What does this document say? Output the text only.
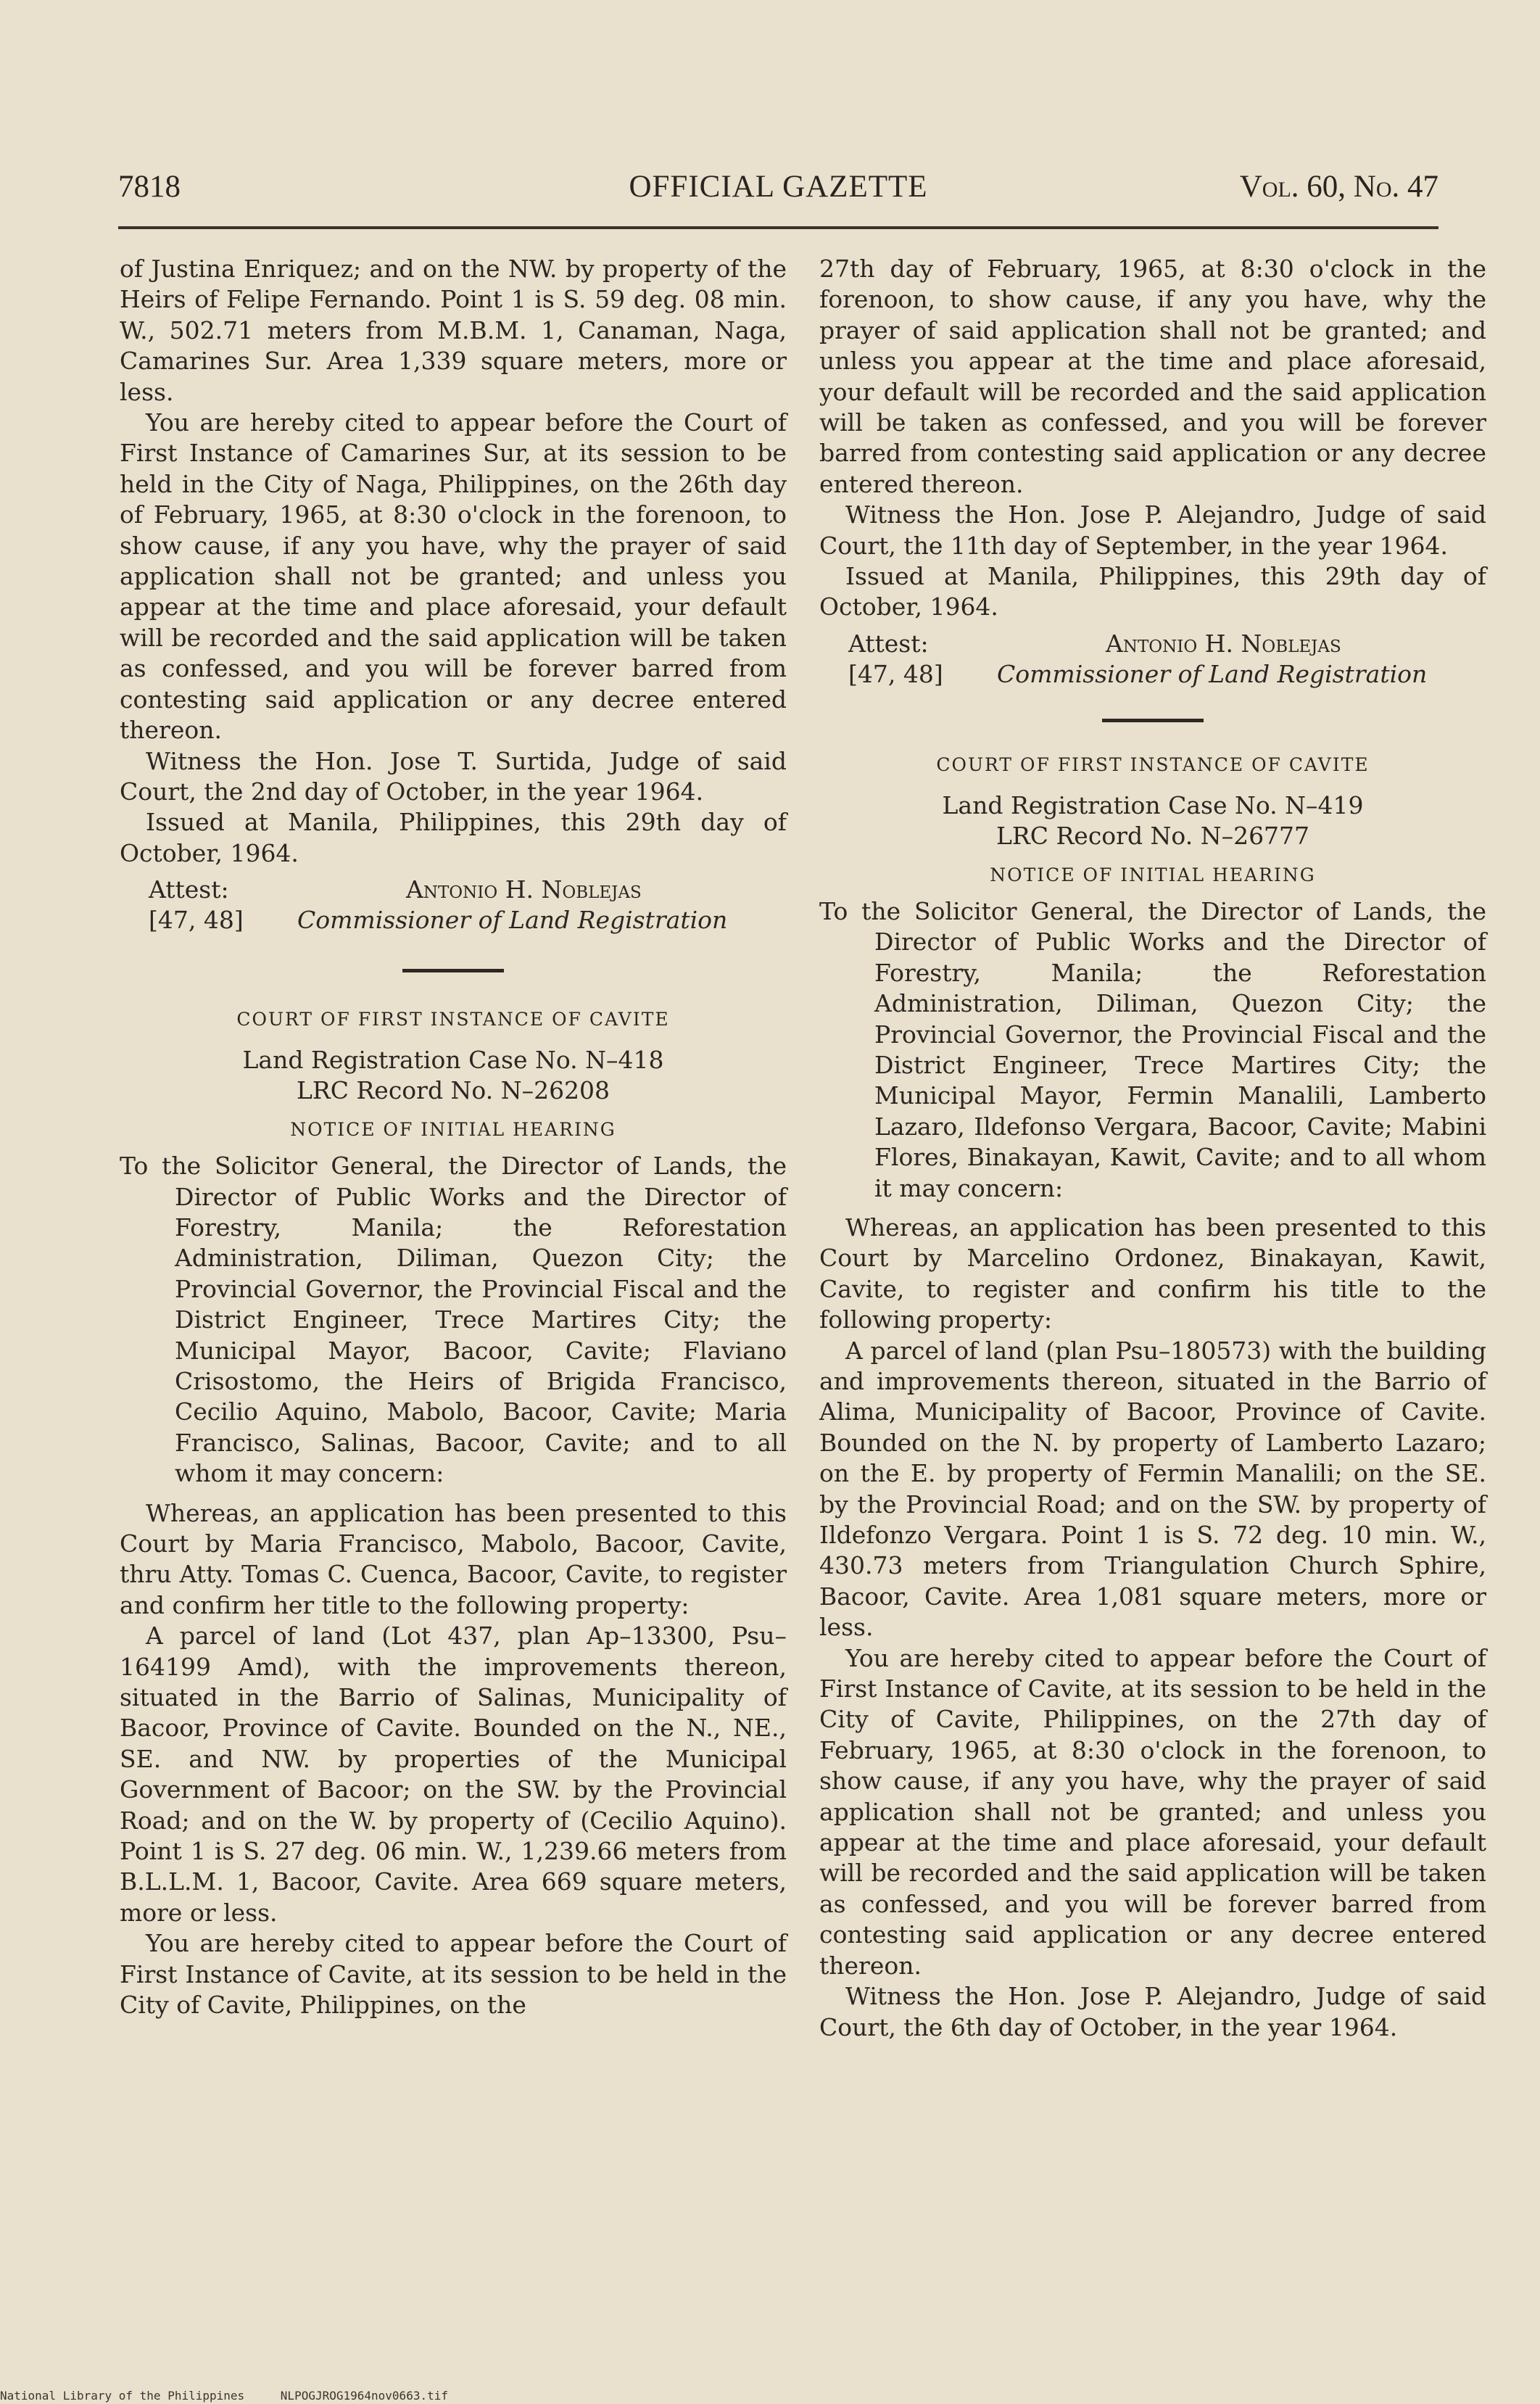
7818	OFFICIAL GAZETTE	Vol. 60, No. 47

of Justina Enriquez; and on the NW. by property of the Heirs of Felipe Fernando. Point 1 is S. 59 deg. 08 min. W., 502.71 meters from M.B.M. 1, Canaman, Naga, Camarines Sur. Area 1,339 square meters, more or less.

You are hereby cited to appear before the Court of First Instance of Camarines Sur, at its session to be held in the City of Naga, Philippines, on the 26th day of February, 1965, at 8:30 o'clock in the forenoon, to show cause, if any you have, why the prayer of said application shall not be granted; and unless you appear at the time and place aforesaid, your default will be recorded and the said application will be taken as confessed, and you will be forever barred from contesting said application or any decree entered thereon.

Witness the Hon. Jose T. Surtida, Judge of said Court, the 2nd day of October, in the year 1964.

Issued at Manila, Philippines, this 29th day of October, 1964.

Attest:	Antonio H. Noblejas
[47, 48] Commissioner of Land Registration
COURT OF FIRST INSTANCE OF CAVITE

Land Registration Case No. N–418

LRC Record No. N–26208

NOTICE OF INITIAL HEARING

To the Solicitor General, the Director of Lands, the Director of Public Works and the Director of Forestry, Manila; the Reforestation Administration, Diliman, Quezon City; the Provincial Governor, the Provincial Fiscal and the District Engineer, Trece Martires City; the Municipal Mayor, Bacoor, Cavite; Flaviano Crisostomo, the Heirs of Brigida Francisco, Cecilio Aquino, Mabolo, Bacoor, Cavite; Maria Francisco, Salinas, Bacoor, Cavite; and to all whom it may concern:

Whereas, an application has been presented to this Court by Maria Francisco, Mabolo, Bacoor, Cavite, thru Atty. Tomas C. Cuenca, Bacoor, Cavite, to register and confirm her title to the following property:

A parcel of land (Lot 437, plan Ap–13300, Psu–164199 Amd), with the improvements thereon, situated in the Barrio of Salinas, Municipality of Bacoor, Province of Cavite. Bounded on the N., NE., SE. and NW. by properties of the Municipal Government of Bacoor; on the SW. by the Provincial Road; and on the W. by property of (Cecilio Aquino). Point 1 is S. 27 deg. 06 min. W., 1,239.66 meters from B.L.L.M. 1, Bacoor, Cavite. Area 669 square meters, more or less.

You are hereby cited to appear before the Court of First Instance of Cavite, at its session to be held in the City of Cavite, Philippines, on the

27th day of February, 1965, at 8:30 o'clock in the forenoon, to show cause, if any you have, why the prayer of said application shall not be granted; and unless you appear at the time and place aforesaid, your default will be recorded and the said application will be taken as confessed, and you will be forever barred from contesting said application or any decree entered thereon.

Witness the Hon. Jose P. Alejandro, Judge of said Court, the 11th day of September, in the year 1964.

Issued at Manila, Philippines, this 29th day of October, 1964.

Attest:	Antonio H. Noblejas
[47, 48] Commissioner of Land Registration
COURT OF FIRST INSTANCE OF CAVITE

Land Registration Case No. N–419

LRC Record No. N–26777

NOTICE OF INITIAL HEARING

To the Solicitor General, the Director of Lands, the Director of Public Works and the Director of Forestry, Manila; the Reforestation Administration, Diliman, Quezon City; the Provincial Governor, the Provincial Fiscal and the District Engineer, Trece Martires City; the Municipal Mayor, Fermin Manalili, Lamberto Lazaro, Ildefonso Vergara, Bacoor, Cavite; Mabini Flores, Binakayan, Kawit, Cavite; and to all whom it may concern:

Whereas, an application has been presented to this Court by Marcelino Ordonez, Binakayan, Kawit, Cavite, to register and confirm his title to the following property:

A parcel of land (plan Psu–180573) with the building and improvements thereon, situated in the Barrio of Alima, Municipality of Bacoor, Province of Cavite. Bounded on the N. by property of Lamberto Lazaro; on the E. by property of Fermin Manalili; on the SE. by the Provincial Road; and on the SW. by property of Ildefonzo Vergara. Point 1 is S. 72 deg. 10 min. W., 430.73 meters from Triangulation Church Sphire, Bacoor, Cavite. Area 1,081 square meters, more or less.

You are hereby cited to appear before the Court of First Instance of Cavite, at its session to be held in the City of Cavite, Philippines, on the 27th day of February, 1965, at 8:30 o'clock in the forenoon, to show cause, if any you have, why the prayer of said application shall not be granted; and unless you appear at the time and place aforesaid, your default will be recorded and the said application will be taken as confessed, and you will be forever barred from contesting said application or any decree entered thereon.

Witness the Hon. Jose P. Alejandro, Judge of said Court, the 6th day of October, in the year 1964.

National Library of the Philippines	NLPOGJROG1964nov0663.tif
